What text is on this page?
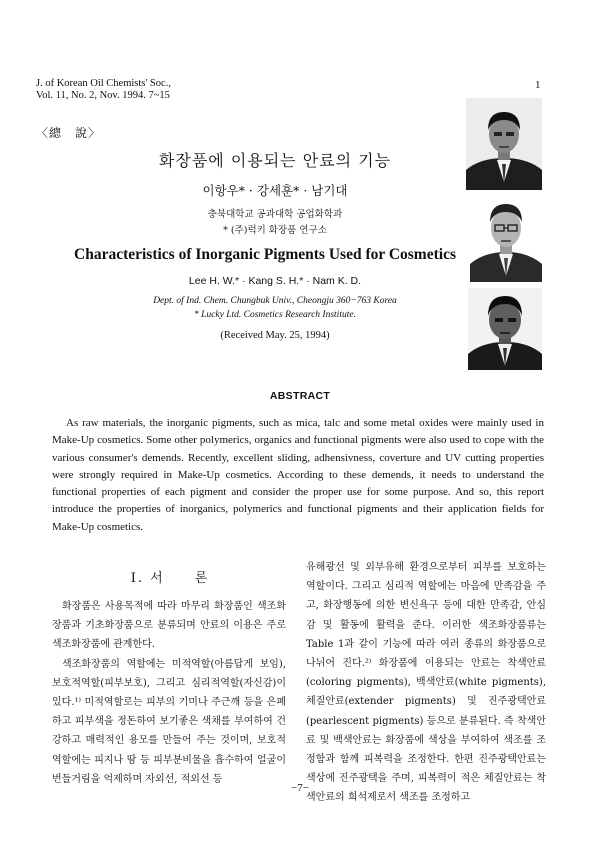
J. of Korean Oil Chemists' Soc.,
Vol. 11, No. 2, Nov. 1994. 7~15
1
〈總　說〉
화장품에 이용되는 안료의 기능
이항우* · 강세훈* · 남기대
충북대학교 공과대학 공업화학과
* (주)럭키 화장품 연구소
Characteristics of Inorganic Pigments Used for Cosmetics
Lee H. W.* · Kang S. H.* · Nam K. D.
Dept. of Ind. Chem. Chungbuk Univ., Cheongju 360−763 Korea
* Lucky Ltd. Cosmetics Research Institute.
(Received May. 25, 1994)
ABSTRACT
As raw materials, the inorganic pigments, such as mica, talc and some metal oxides were mainly used in Make-Up cosmetics. Some other polymerics, organics and functional pigments were also used to cope with the various consumer's demends. Recently, excellent sliding, adhensivness, coverture and UV cutting properties were strongly required in Make-Up cosmetics. According to these demends, it needs to understand the functional properties of each pigment and consider the proper use for some purpose. And so, this report introduce the properties of inorganics, polymerics and functional pigments and their application fields for Make-Up cosmetics.
I. 서　　론

화장품은 사용목적에 따라 마무리 화장품인 색조화장품과 기초화장품으로 분류되며 안료의 이용은 주로 색조화장품에 관계한다.

색조화장품의 역할에는 미적역할(아름답게 보임), 보호적역할(피부보호), 그리고 심리적역할(자신감)이 있다.¹⁾ 미적역할로는 피부의 기미나 주근깨 등을 은폐하고 피부색을 정돈하여 보기좋은 색채를 부여하여 건강하고 매력적인 용모를 만들어 주는 것이며, 보호적역할에는 피지나 땀 등 피부분비물을 흡수하여 얼굴이 번들거림을 억제하며 자외선, 적외선 등

유해광선 및 외부유해 환경으로부터 피부를 보호하는 역할이다. 그리고 심리적 역할에는 마음에 만족감을 주고, 화장행동에 의한 변신욕구 등에 대한 만족감, 안심감 및 활동에 활력을 준다. 이러한 색조화장품류는 Table 1과 같이 기능에 따라 여러 종류의 화장품으로 나뉘어 진다.²⁾ 화장품에 이용되는 안료는 착색안료(coloring pigments), 백색안료(white pigments), 체질안료(extender pigments) 및 진주광택안료(pearlescent pigments) 등으로 분류된다. 즉 착색안료 및 백색안료는 화장품에 색상을 부여하여 색조를 조정함과 함께 피복력을 조정한다. 한편 진주광택안료는 색상에 진주광택을 주며, 피복력이 적은 체질안료는 착색안료의 희석제로서 색조를 조정하고

−7−
